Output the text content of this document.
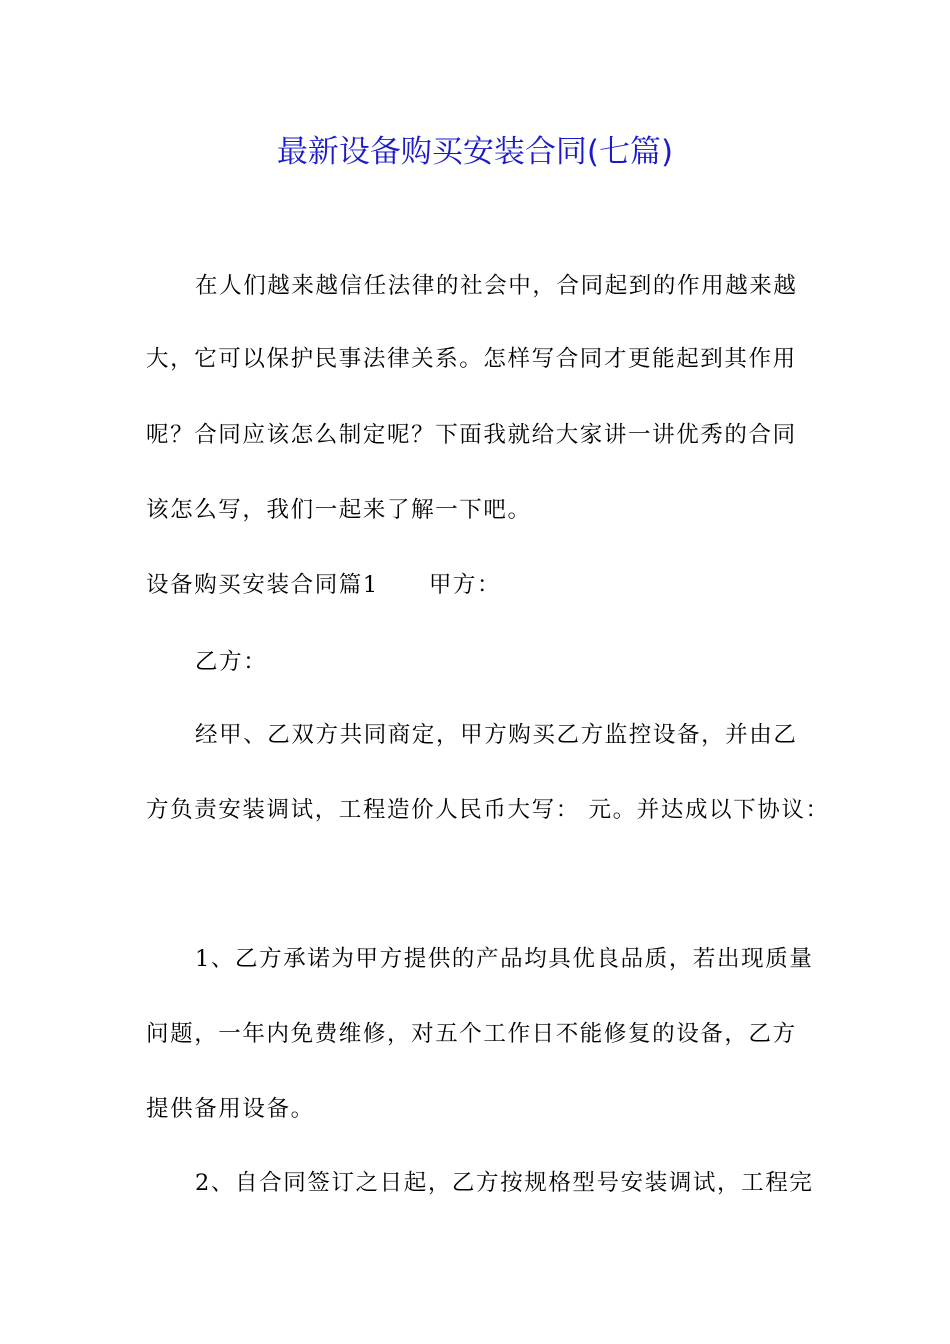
最新设备购买安装合同(七篇)
在人们越来越信任法律的社会中，合同起到的作用越来越
大，它可以保护民事法律关系。怎样写合同才更能起到其作用
呢？合同应该怎么制定呢？下面我就给大家讲一讲优秀的合同
该怎么写，我们一起来了解一下吧。
设备购买安装合同篇1 甲方：
乙方：
经甲、乙双方共同商定，甲方购买乙方监控设备，并由乙
方负责安装调试，工程造价人民币大写： 元。并达成以下协议：
1、乙方承诺为甲方提供的产品均具优良品质，若出现质量
问题，一年内免费维修，对五个工作日不能修复的设备，乙方
提供备用设备。
2、自合同签订之日起，乙方按规格型号安装调试，工程完
